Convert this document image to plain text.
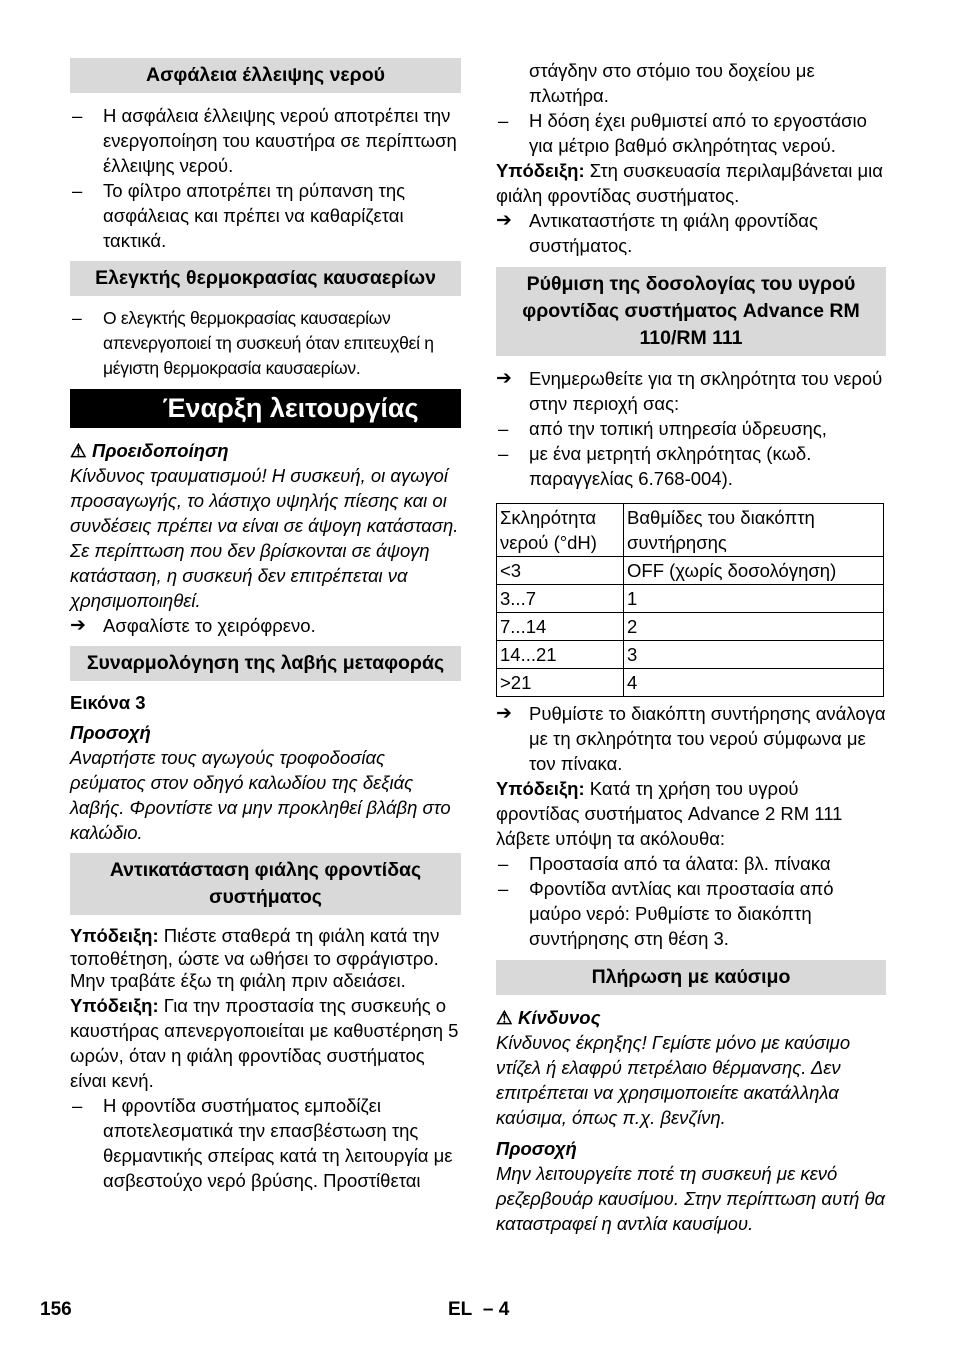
Ασφάλεια έλλειψης νερού
–	Η ασφάλεια έλλειψης νερού αποτρέπει την ενεργοποίηση του καυστήρα σε περίπτωση έλλειψης νερού.
–	Το φίλτρο αποτρέπει τη ρύπανση της ασφάλειας και πρέπει να καθαρίζεται τακτικά.
Ελεγκτής θερμοκρασίας καυσαερίων
–	Ο ελεγκτής θερμοκρασίας καυσαερίων απενεργοποιεί τη συσκευή όταν επιτευχθεί η μέγιστη θερμοκρασία καυσαερίων.
Έναρξη λειτουργίας
⚠ Προειδοποίηση

Κίνδυνος τραυματισμού! Η συσκευή, οι αγωγοί προσαγωγής, το λάστιχο υψηλής πίεσης και οι συνδέσεις πρέπει να είναι σε άψογη κατάσταση. Σε περίπτωση που δεν βρίσκονται σε άψογη κατάσταση, η συσκευή δεν επιτρέπεται να χρησιμοποιηθεί.

➔ Ασφαλίστε το χειρόφρενο.
Συναρμολόγηση της λαβής μεταφοράς

Εικόνα 3

Προσοχή

Αναρτήστε τους αγωγούς τροφοδοσίας ρεύματος στον οδηγό καλωδίου της δεξιάς λαβής. Φροντίστε να μην προκληθεί βλάβη στο καλώδιο.

Αντικατάσταση φιάλης φροντίδας συστήματος

Υπόδειξη: Πιέστε σταθερά τη φιάλη κατά την τοποθέτηση, ώστε να ωθήσει το σφράγιστρο. Μην τραβάτε έξω τη φιάλη πριν αδειάσει.

Υπόδειξη: Για την προστασία της συσκευής ο καυστήρας απενεργοποιείται με καθυστέρηση 5 ωρών, όταν η φιάλη φροντίδας συστήματος είναι κενή.

–	Η φροντίδα συστήματος εμποδίζει αποτελεσματικά την επασβέστωση της θερμαντικής σπείρας κατά τη λειτουργία με ασβεστούχο νερό βρύσης. Προστίθεται
στάγδην στο στόμιο του δοχείου με πλωτήρα.
–	Η δόση έχει ρυθμιστεί από το εργοστάσιο για μέτριο βαθμό σκληρότητας νερού.

Υπόδειξη: Στη συσκευασία περιλαμβάνεται μια φιάλη φροντίδας συστήματος.

➔ Αντικαταστήστε τη φιάλη φροντίδας συστήματος.
Ρύθμιση της δοσολογίας του υγρού φροντίδας συστήματος Advance RM 110/RM 111
➔ Ενημερωθείτε για τη σκληρότητα του νερού στην περιοχή σας:
–	από την τοπική υπηρεσία ύδρευσης,
–	με ένα μετρητή σκληρότητας (κωδ. παραγγελίας 6.768-004).
Σκληρότητα νερού (°dH)	Βαθμίδες του διακόπτη συντήρησης
<3	OFF (χωρίς δοσολόγηση)
3...7	1
7...14	2
14...21	3
>21	4
➔ Ρυθμίστε το διακόπτη συντήρησης ανάλογα με τη σκληρότητα του νερού σύμφωνα με τον πίνακα.

Υπόδειξη: Κατά τη χρήση του υγρού φροντίδας συστήματος Advance 2 RM 111 λάβετε υπόψη τα ακόλουθα:

–	Προστασία από τα άλατα: βλ. πίνακα
–	Φροντίδα αντλίας και προστασία από μαύρο νερό: Ρυθμίστε το διακόπτη συντήρησης στη θέση 3.
Πλήρωση με καύσιμο
⚠ Κίνδυνος

Κίνδυνος έκρηξης! Γεμίστε μόνο με καύσιμο ντίζελ ή ελαφρύ πετρέλαιο θέρμανσης. Δεν επιτρέπεται να χρησιμοποιείτε ακατάλληλα καύσιμα, όπως π.χ. βενζίνη.

Προσοχή

Μην λειτουργείτε ποτέ τη συσκευή με κενό ρεζερβουάρ καυσίμου. Στην περίπτωση αυτή θα καταστραφεί η αντλία καυσίμου.

156	EL – 4
